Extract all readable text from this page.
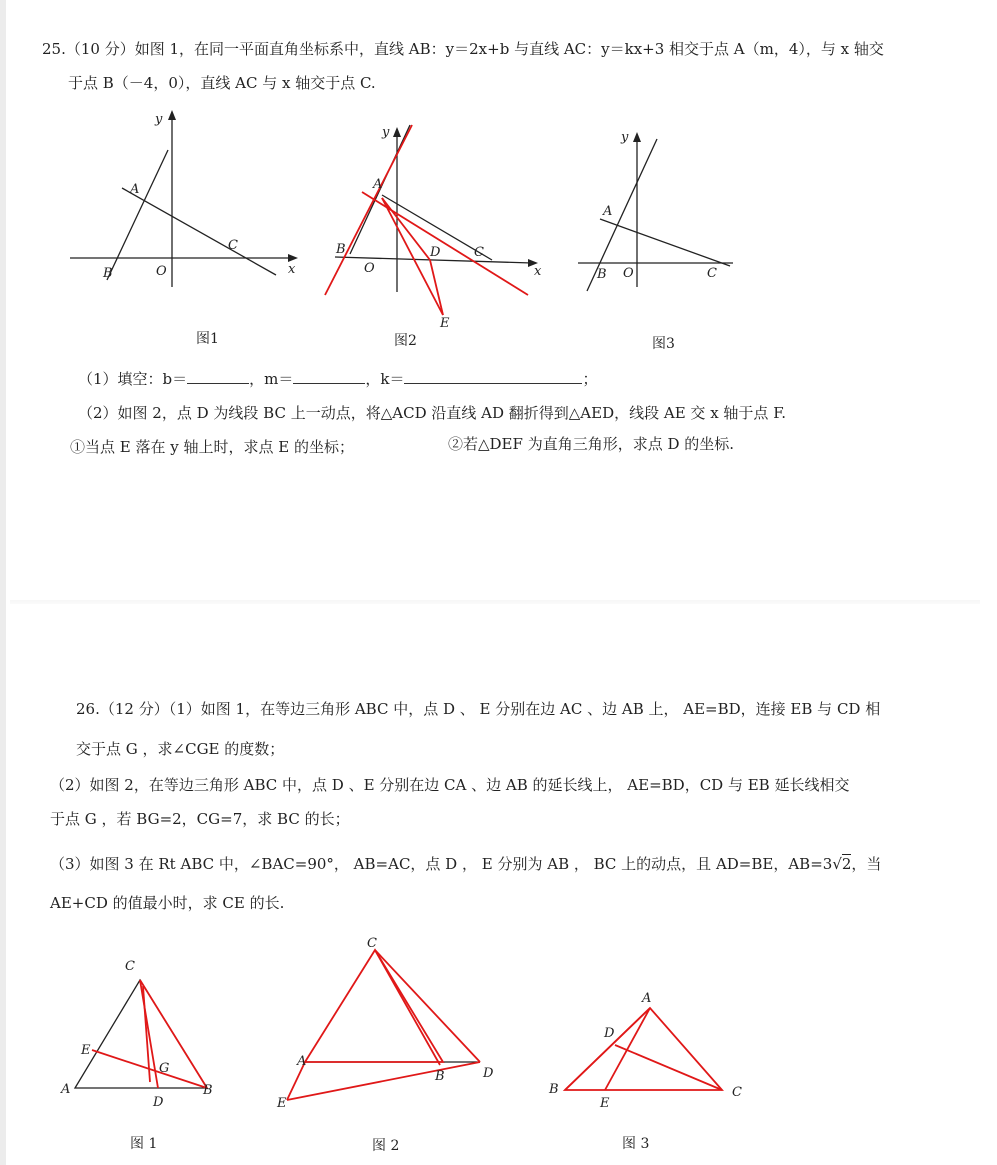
25.（10 分）如图 1，在同一平面直角坐标系中，直线 AB：y＝2x+b 与直线 AC：y＝kx+3 相交于点 A（m，4），与 x 轴交
于点 B（－4，0），直线 AC 与 x 轴交于点 C.
y
x
A
B	O
C
图1
y
x
A
B
O
D	C
E
图2
y
A
B O	C
图3
（1）填空：b＝	，m＝	，k＝	；
（2）如图 2，点 D 为线段 BC 上一动点，将△ACD 沿直线 AD 翻折得到△AED，线段 AE 交 x 轴于点 F.
①当点 E 落在 y 轴上时，求点 E 的坐标；	②若△DEF 为直角三角形，求点 D 的坐标.
26.（12 分）（1）如图 1，在等边三角形 ABC 中，点 D 、 E 分别在边 AC 、边 AB 上， AE=BD，连接 EB 与 CD 相
交于点 G ，求∠CGE 的度数；
（2）如图 2，在等边三角形 ABC 中，点 D 、E 分别在边 CA 、边 AB 的延长线上， AE=BD，CD 与 EB 延长线相交
于点 G ，若 BG=2，CG=7，求 BC 的长；
（3）如图 3 在 Rt ABC 中，∠BAC=90°， AB=AC，点 D ， E 分别为 AB ， BC 上的动点，且 AD=BE，AB=3√2，当
AE+CD 的值最小时，求 CE 的长.
C
E
G
A	B
D
图 1
C
A
B	D
E
图 2
A
D
B
E
C
图 3
